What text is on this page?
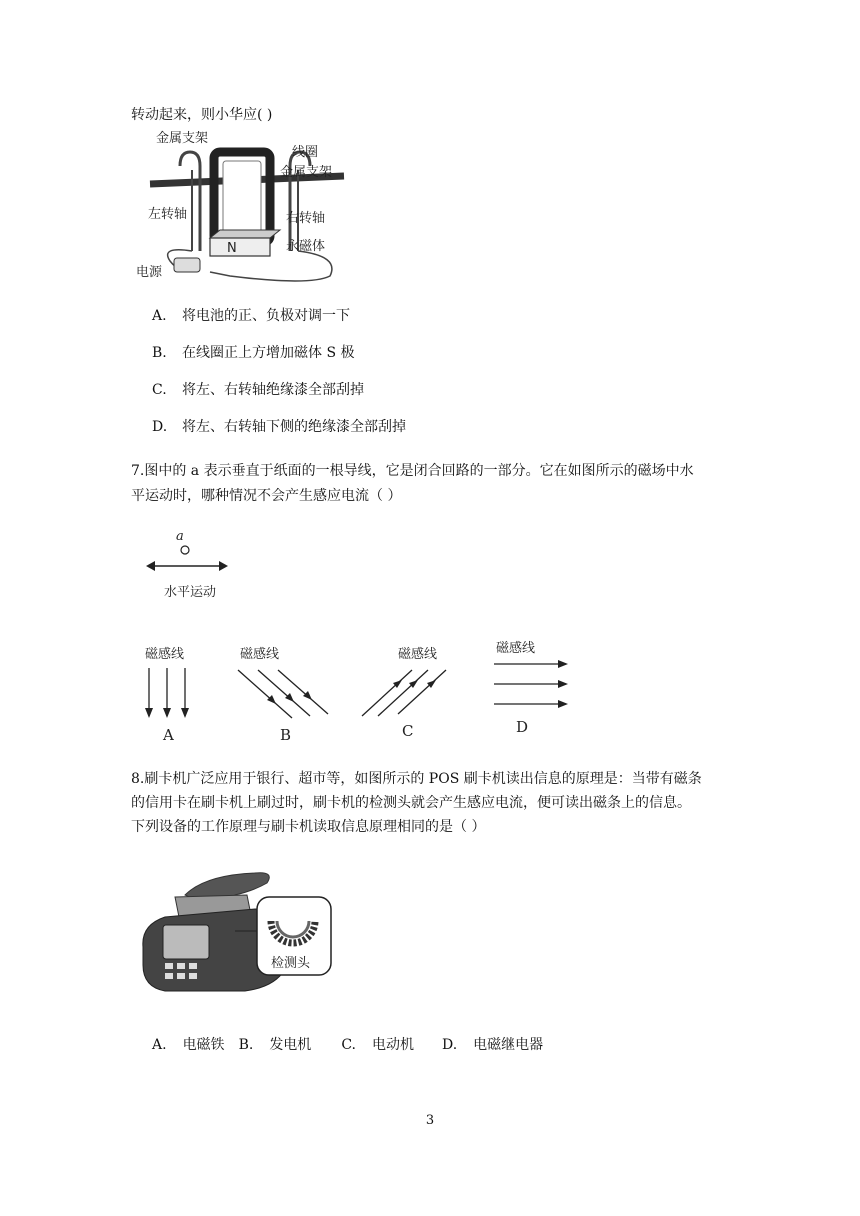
转动起来，则小华应( )
N
金属支架
线圈
金属支架
左转轴	右转轴
永磁体
电源
A. 将电池的正、负极对调一下
B. 在线圈正上方增加磁体 S 极
C. 将左、右转轴绝缘漆全部刮掉
D. 将左、右转轴下侧的绝缘漆全部刮掉
7.图中的 a 表示垂直于纸面的一根导线，它是闭合回路的一部分。它在如图所示的磁场中水
平运动时，哪种情况不会产生感应电流（ ）
a
水平运动
磁感线
A
磁感线
B
磁感线
C
磁感线
D
8.刷卡机广泛应用于银行、超市等，如图所示的 POS 刷卡机读出信息的原理是：当带有磁条
的信用卡在刷卡机上刷过时，刷卡机的检测头就会产生感应电流，便可读出磁条上的信息。
下列设备的工作原理与刷卡机读取信息原理相同的是（ ）
检测头
A. 电磁铁 B. 发电机 C. 电动机 D. 电磁继电器
3
